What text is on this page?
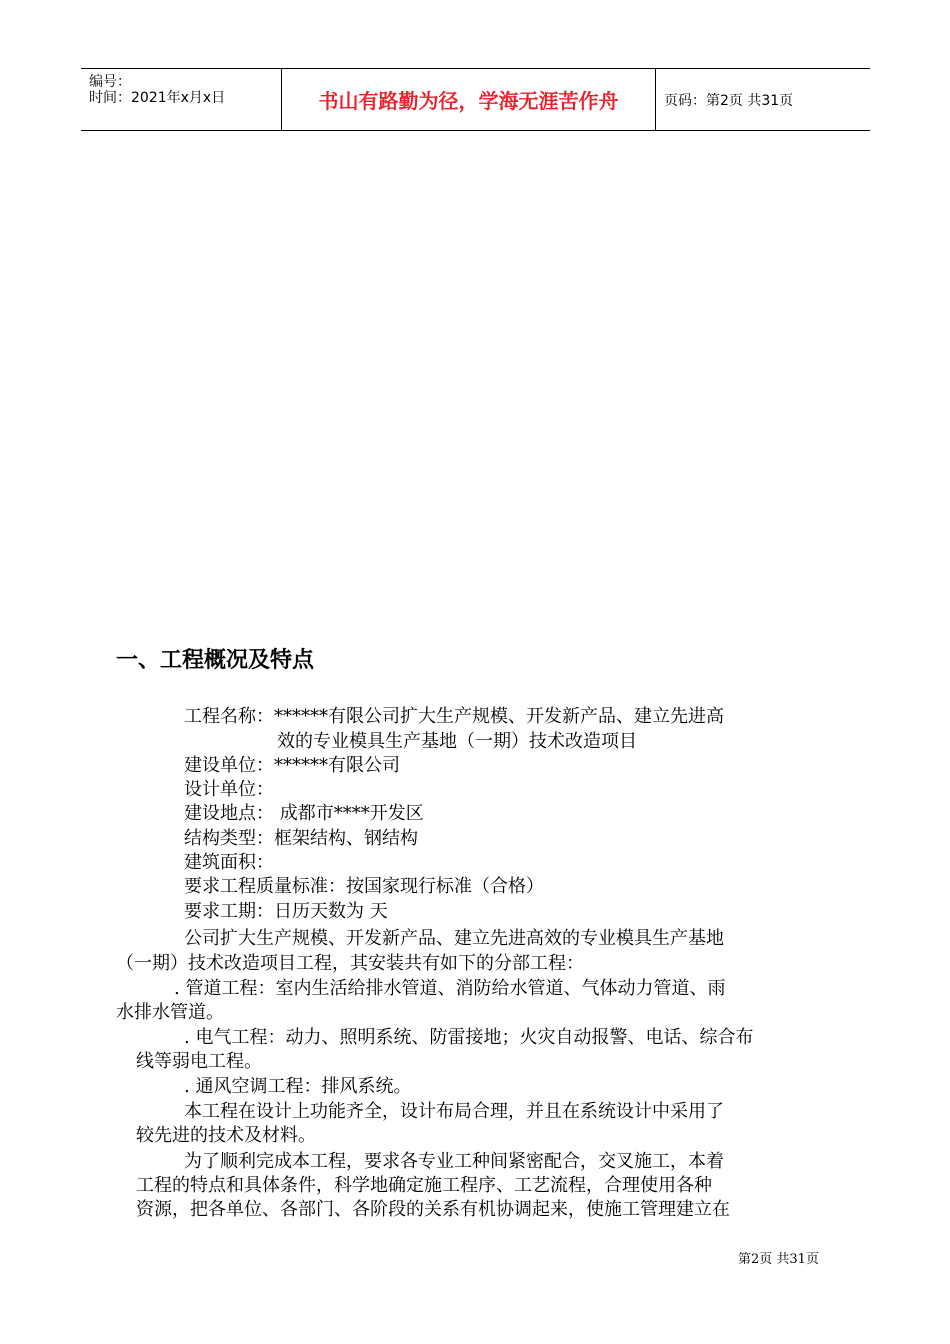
编号：
时间：2021年x月x日	书山有路勤为径，学海无涯苦作舟	页码：第2页 共31页
一、工程概况及特点
工程名称：******有限公司扩大生产规模、开发新产品、建立先进高
效的专业模具生产基地（一期）技术改造项目
建设单位：******有限公司
设计单位：
建设地点： 成都市****开发区
结构类型：框架结构、钢结构
建筑面积：
要求工程质量标准：按国家现行标准（合格）
要求工期：日历天数为 天
公司扩大生产规模、开发新产品、建立先进高效的专业模具生产基地
（一期）技术改造项目工程，其安装共有如下的分部工程：
. 管道工程：室内生活给排水管道、消防给水管道、气体动力管道、雨
水排水管道。
. 电气工程：动力、照明系统、防雷接地；火灾自动报警、电话、综合布
线等弱电工程。
. 通风空调工程：排风系统。
本工程在设计上功能齐全，设计布局合理，并且在系统设计中采用了
较先进的技术及材料。
为了顺利完成本工程，要求各专业工种间紧密配合，交叉施工，本着
工程的特点和具体条件，科学地确定施工程序、工艺流程，合理使用各种
资源，把各单位、各部门、各阶段的关系有机协调起来，使施工管理建立在
第2页 共31页
